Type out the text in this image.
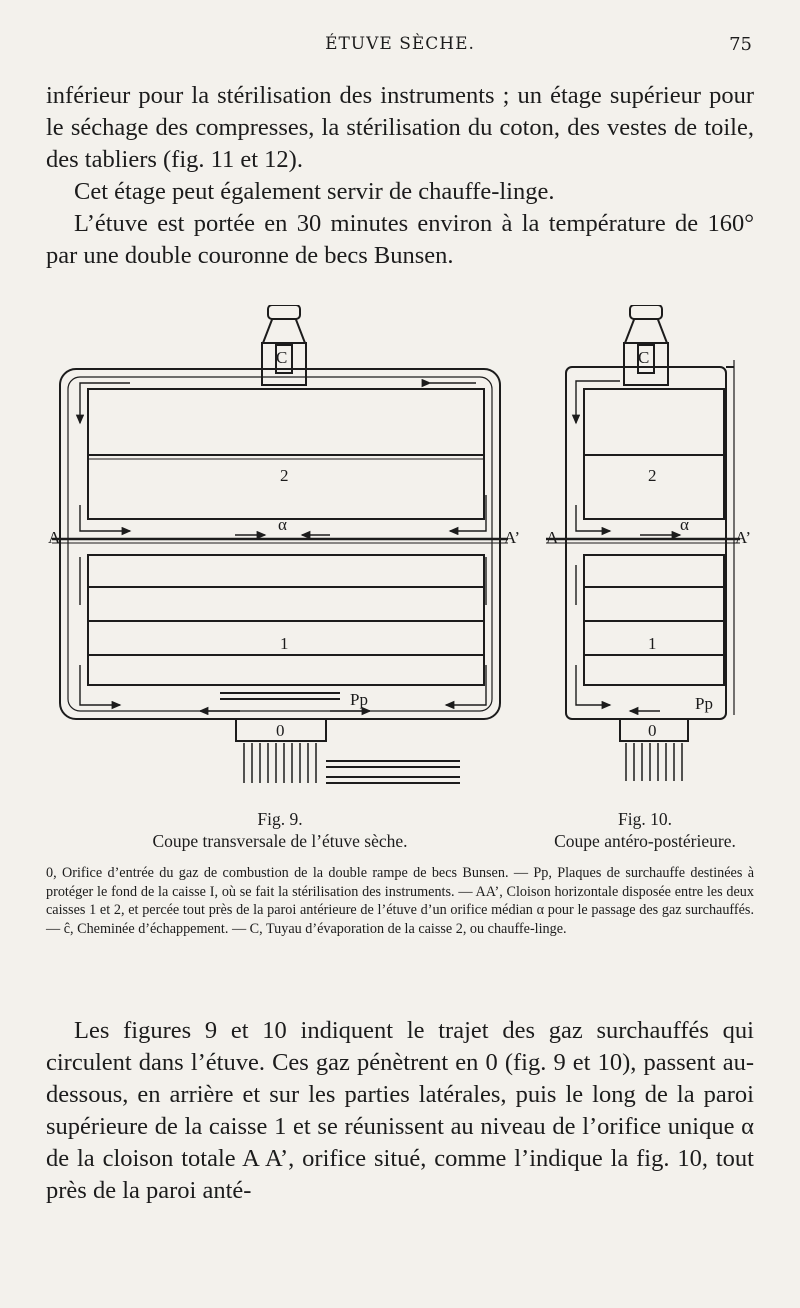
ÉTUVE SÈCHE.	75

inférieur pour la stérilisation des instruments ; un étage supérieur pour le séchage des compresses, la stérilisation du coton, des vestes de toile, des tabliers (fig. 11 et 12).

Cet étage peut également servir de chauffe-linge.

L’étuve est portée en 30 minutes environ à la température de 160° par une double couronne de becs Bunsen.

C
2
1
α
A	A’
Pp
0
C
2
1
α
A	A’
Pp
0
Fig. 9.
Coupe transversale de l’étuve sèche.
Fig. 10.
Coupe antéro-postérieure.
0, Orifice d’entrée du gaz de combustion de la double rampe de becs Bunsen. — Pp, Plaques de surchauffe destinées à protéger le fond de la caisse I, où se fait la stérilisation des instruments. — AA’, Cloison horizontale disposée entre les deux caisses 1 et 2, et percée tout près de la paroi antérieure de l’étuve d’un orifice médian α pour le passage des gaz surchauffés. — ĉ, Cheminée d’échappement. — C, Tuyau d’évaporation de la caisse 2, ou chauffe-linge.

Les figures 9 et 10 indiquent le trajet des gaz surchauffés qui circulent dans l’étuve. Ces gaz pénètrent en 0 (fig. 9 et 10), passent au-dessous, en arrière et sur les parties latérales, puis le long de la paroi supérieure de la caisse 1 et se réunissent au niveau de l’orifice unique α de la cloison totale A A’, orifice situé, comme l’indique la fig. 10, tout près de la paroi anté-
